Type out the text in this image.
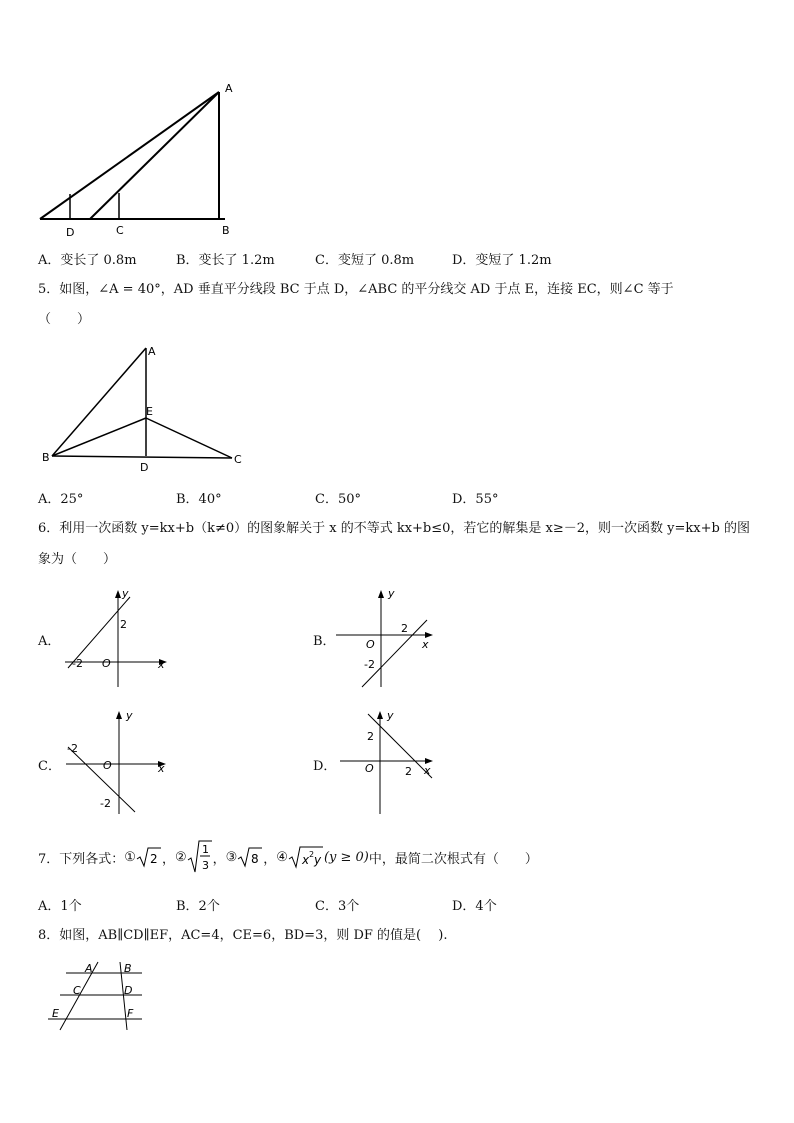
A
B
C
D
A．变长了 0.8m	B．变长了 1.2m	C．变短了 0.8m	D．变短了 1.2m
5．如图，∠A = 40°，AD 垂直平分线段 BC 于点 D，∠ABC 的平分线交 AD 于点 E，连接 EC，则∠C 等于
（　　）
A
B	C
D
E
A．25°	B．40°	C．50°	D．55°
6．利用一次函数 y=kx+b（k≠0）的图象解关于 x 的不等式 kx+b≤0，若它的解集是 x≥－2，则一次函数 y=kx+b 的图
象为（　　）
A．
y
x
O
2
-2
B．
y
x
O
2
-2
C．
y
x
O
-2
-2
D．
y
x
O
2
2
7．下列各式： ① 2 ， ② 1
3 ， ③ 8 ， ④ x 2 y (y ≥ 0) 中，最简二次根式有（　　）
A．1个	B．2个	C．3个	D．4个
8．如图，AB∥CD∥EF，AC=4，CE=6，BD=3，则 DF 的值是(　 ).
A	B
C	D
E	F
